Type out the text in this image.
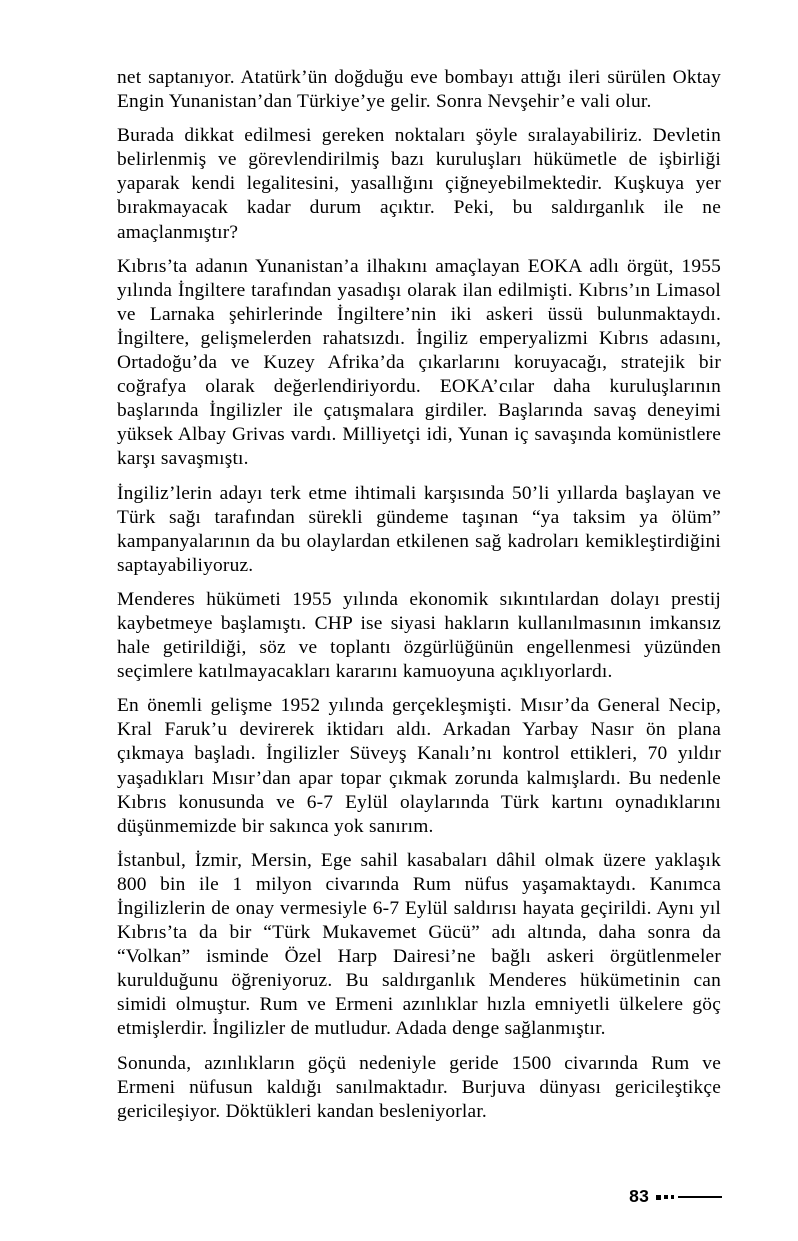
net saptanıyor. Atatürk’ün doğduğu eve bombayı attığı ileri sürülen Oktay Engin Yunanistan’dan Türkiye’ye gelir. Sonra Nevşehir’e vali olur.

Burada dikkat edilmesi gereken noktaları şöyle sıralayabiliriz. Devletin belirlenmiş ve görevlendirilmiş bazı kuruluşları hükümetle de işbirliği yaparak kendi legalitesini, yasallığını çiğneyebilmektedir. Kuşkuya yer bırakmayacak kadar durum açıktır. Peki, bu saldırganlık ile ne amaçlanmıştır?

Kıbrıs’ta adanın Yunanistan’a ilhakını amaçlayan EOKA adlı örgüt, 1955 yılında İngiltere tarafından yasadışı olarak ilan edilmişti. Kıbrıs’ın Limasol ve Larnaka şehirlerinde İngiltere’nin iki askeri üssü bulunmaktaydı. İngiltere, gelişmelerden rahatsızdı. İngiliz emperyalizmi Kıbrıs adasını, Ortadoğu’da ve Kuzey Afrika’da çıkarlarını koruyacağı, stratejik bir coğrafya olarak değerlendiriyordu. EOKA’cılar daha kuruluşlarının başlarında İngilizler ile çatışmalara girdiler. Başlarında savaş deneyimi yüksek Albay Grivas vardı. Milliyetçi idi, Yunan iç savaşında komünistlere karşı savaşmıştı.

İngiliz’lerin adayı terk etme ihtimali karşısında 50’li yıllarda başlayan ve Türk sağı tarafından sürekli gündeme taşınan “ya taksim ya ölüm” kampanyalarının da bu olaylardan etkilenen sağ kadroları kemikleştirdiğini saptayabiliyoruz.

Menderes hükümeti 1955 yılında ekonomik sıkıntılardan dolayı prestij kaybetmeye başlamıştı. CHP ise siyasi hakların kullanılmasının imkansız hale getirildiği, söz ve toplantı özgürlüğünün engellenmesi yüzünden seçimlere katılmayacakları kararını kamuoyuna açıklıyorlardı.

En önemli gelişme 1952 yılında gerçekleşmişti. Mısır’da General Necip, Kral Faruk’u devirerek iktidarı aldı. Arkadan Yarbay Nasır ön plana çıkmaya başladı. İngilizler Süveyş Kanalı’nı kontrol ettikleri, 70 yıldır yaşadıkları Mısır’dan apar topar çıkmak zorunda kalmışlardı. Bu nedenle Kıbrıs konusunda ve 6-7 Eylül olaylarında Türk kartını oynadıklarını düşünmemizde bir sakınca yok sanırım.

İstanbul, İzmir, Mersin, Ege sahil kasabaları dâhil olmak üzere yaklaşık 800 bin ile 1 milyon civarında Rum nüfus yaşamaktaydı. Kanımca İngilizlerin de onay vermesiyle 6-7 Eylül saldırısı hayata geçirildi. Aynı yıl Kıbrıs’ta da bir “Türk Mukavemet Gücü” adı altında, daha sonra da “Volkan” isminde Özel Harp Dairesi’ne bağlı askeri örgütlenmeler kurulduğunu öğreniyoruz. Bu saldırganlık Menderes hükümetinin can simidi olmuştur. Rum ve Ermeni azınlıklar hızla emniyetli ülkelere göç etmişlerdir. İngilizler de mutludur. Adada denge sağlanmıştır.

Sonunda, azınlıkların göçü nedeniyle geride 1500 civarında Rum ve Ermeni nüfusun kaldığı sanılmaktadır. Burjuva dünyası gericileştikçe gericileşiyor. Döktükleri kandan besleniyorlar.

83
